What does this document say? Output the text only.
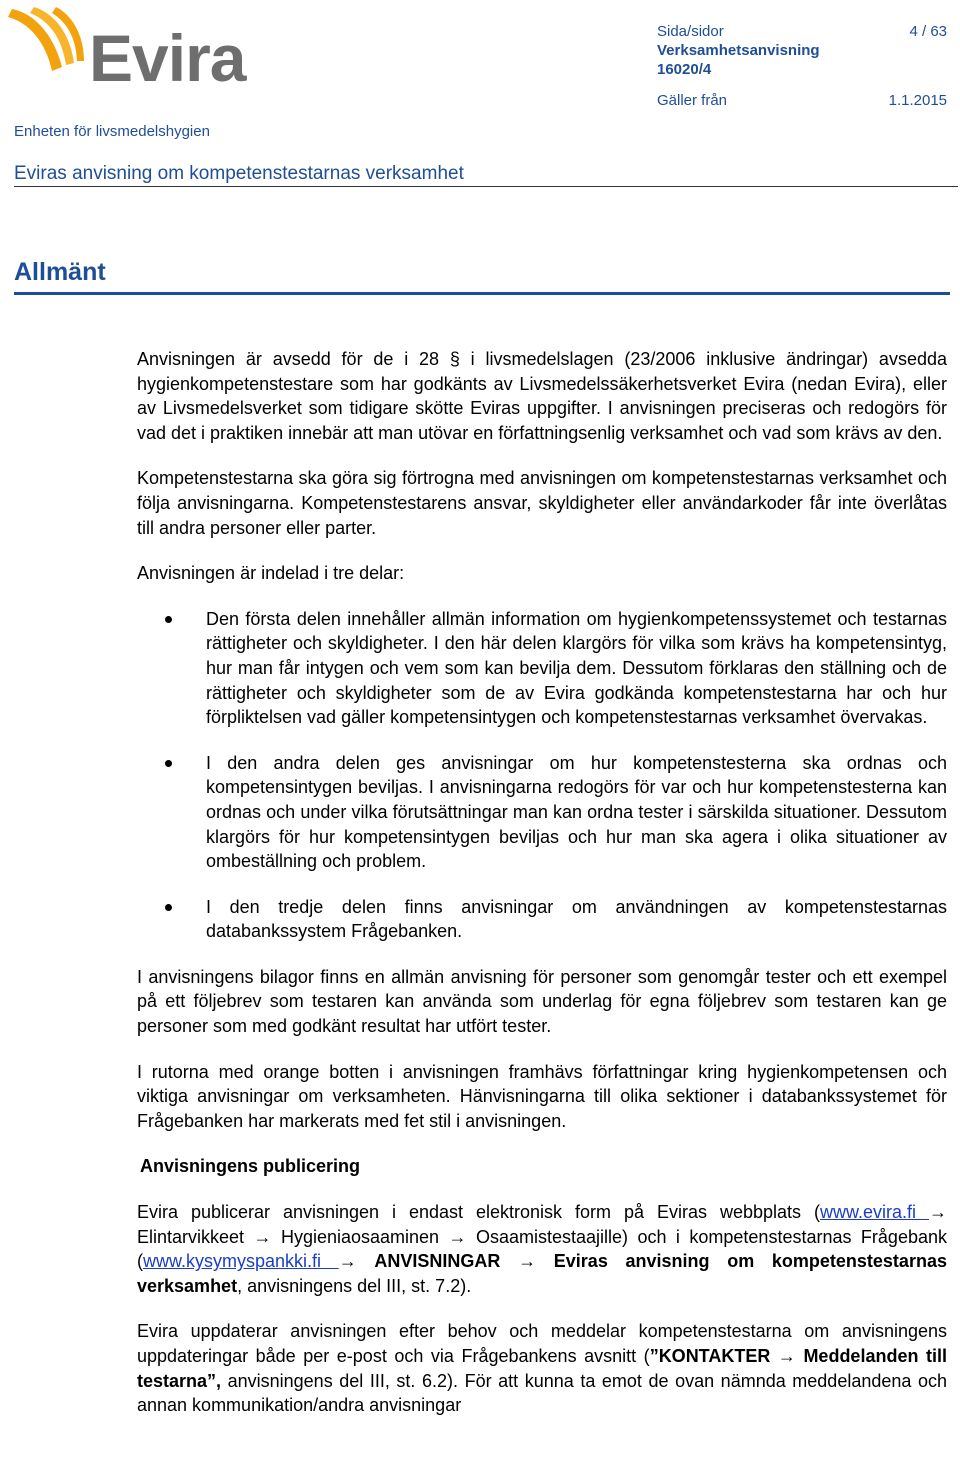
Evira	Sida/sidor	4 / 63
Verksamhetsanvisning
16020/4
Gäller från	1.1.2015
Enheten för livsmedelshygien
Eviras anvisning om kompetenstestarnas verksamhet
Allmänt

Anvisningen är avsedd för de i 28 § i livsmedelslagen (23/2006 inklusive ändringar) avsedda hygienkompetenstestare som har godkänts av Livsmedelssäkerhetsverket Evira (nedan Evira), eller av Livsmedelsverket som tidigare skötte Eviras uppgifter. I anvisningen preciseras och redogörs för vad det i praktiken innebär att man utövar en författningsenlig verksamhet och vad som krävs av den.

Kompetenstestarna ska göra sig förtrogna med anvisningen om kompetenstestarnas verksamhet och följa anvisningarna. Kompetenstestarens ansvar, skyldigheter eller användarkoder får inte överlåtas till andra personer eller parter.

Anvisningen är indelad i tre delar:

Den första delen innehåller allmän information om hygienkompetenssystemet och testarnas rättigheter och skyldigheter. I den här delen klargörs för vilka som krävs ha kompetensintyg, hur man får intygen och vem som kan bevilja dem. Dessutom förklaras den ställning och de rättigheter och skyldigheter som de av Evira godkända kompetenstestarna har och hur förpliktelsen vad gäller kompetensintygen och kompetenstestarnas verksamhet övervakas.
I den andra delen ges anvisningar om hur kompetenstesterna ska ordnas och kompetensintygen beviljas. I anvisningarna redogörs för var och hur kompetenstesterna kan ordnas och under vilka förutsättningar man kan ordna tester i särskilda situationer. Dessutom klargörs för hur kompetensintygen beviljas och hur man ska agera i olika situationer av ombeställning och problem.
I den tredje delen finns anvisningar om användningen av kompetenstestarnas databankssystem Frågebanken.

I anvisningens bilagor finns en allmän anvisning för personer som genomgår tester och ett exempel på ett följebrev som testaren kan använda som underlag för egna följebrev som testaren kan ge personer som med godkänt resultat har utfört tester.

I rutorna med orange botten i anvisningen framhävs författningar kring hygienkompetensen och viktiga anvisningar om verksamheten. Hänvisningarna till olika sektioner i databankssystemet för Frågebanken har markerats med fet stil i anvisningen.

Anvisningens publicering

Evira publicerar anvisningen i endast elektronisk form på Eviras webbplats (www.evira.fi → Elintarvikkeet → Hygieniaosaaminen → Osaamistestaajille) och i kompetenstestarnas Frågebank (www.kysymyspankki.fi → ANVISNINGAR → Eviras anvisning om kompetenstestarnas verksamhet, anvisningens del III, st. 7.2).

Evira uppdaterar anvisningen efter behov och meddelar kompetenstestarna om anvisningens uppdateringar både per e-post och via Frågebankens avsnitt (”KONTAKTER → Meddelanden till testarna”, anvisningens del III, st. 6.2). För att kunna ta emot de ovan nämnda meddelandena och annan kommunikation/andra anvisningar
